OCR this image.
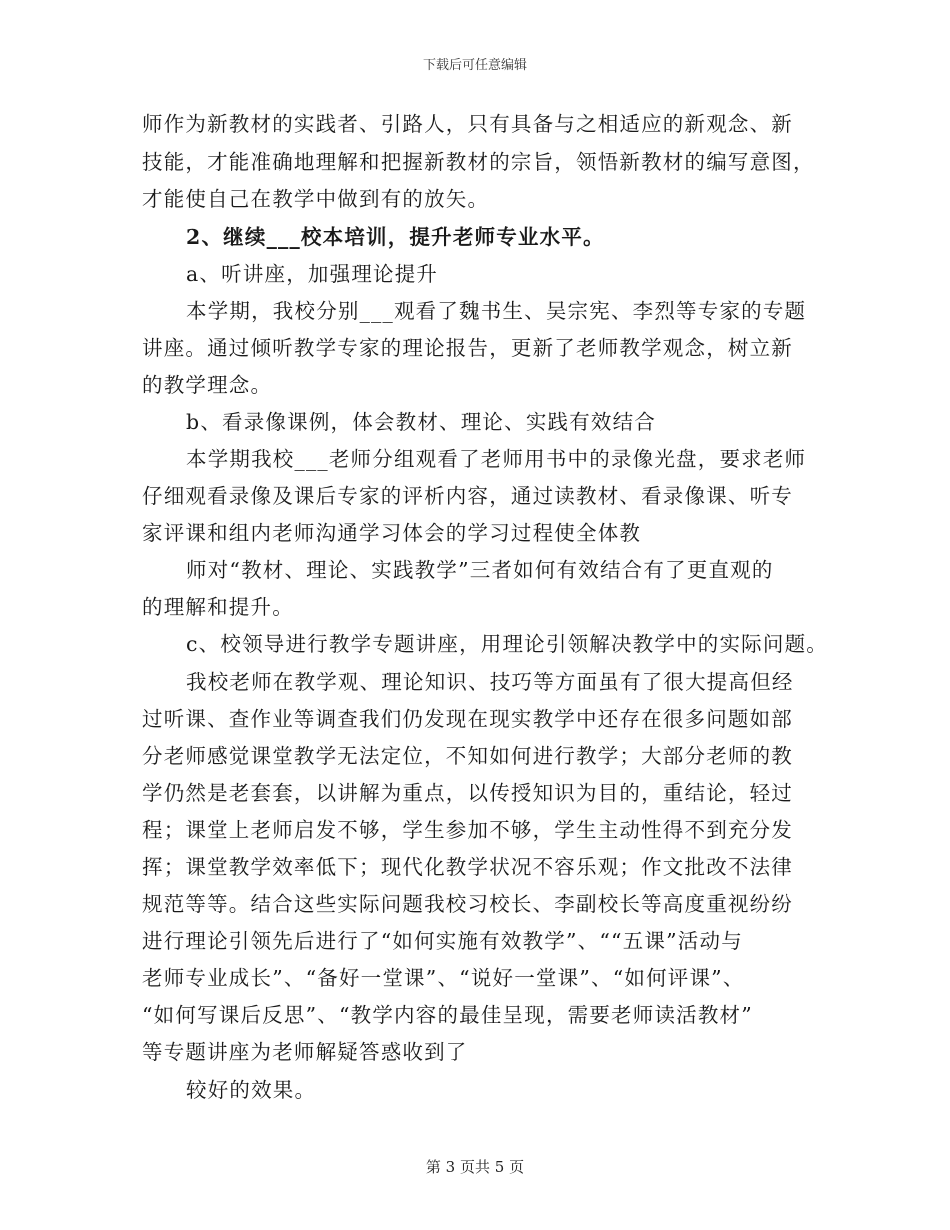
下载后可任意编辑
师作为新教材的实践者、引路人，只有具备与之相适应的新观念、新
技能，才能准确地理解和把握新教材的宗旨，领悟新教材的编写意图，
才能使自己在教学中做到有的放矢。
2、继续___校本培训，提升老师专业水平。
a、听讲座，加强理论提升
本学期，我校分别___观看了魏书生、吴宗宪、李烈等专家的专题
讲座。通过倾听教学专家的理论报告，更新了老师教学观念，树立新
的教学理念。
b、看录像课例，体会教材、理论、实践有效结合
本学期我校___老师分组观看了老师用书中的录像光盘，要求老师
仔细观看录像及课后专家的评析内容，通过读教材、看录像课、听专
家评课和组内老师沟通学习体会的学习过程使全体教
师对“教材、理论、实践教学”三者如何有效结合有了更直观的
的理解和提升。
c、校领导进行教学专题讲座，用理论引领解决教学中的实际问题。
我校老师在教学观、理论知识、技巧等方面虽有了很大提高但经
过听课、查作业等调查我们仍发现在现实教学中还存在很多问题如部
分老师感觉课堂教学无法定位，不知如何进行教学；大部分老师的教
学仍然是老套套，以讲解为重点，以传授知识为目的，重结论，轻过
程；课堂上老师启发不够，学生参加不够，学生主动性得不到充分发
挥；课堂教学效率低下；现代化教学状况不容乐观；作文批改不法律
规范等等。结合这些实际问题我校习校长、李副校长等高度重视纷纷
进行理论引领先后进行了“如何实施有效教学”、““五课”活动与
老师专业成长”、“备好一堂课”、“说好一堂课”、“如何评课”、
“如何写课后反思”、“教学内容的最佳呈现，需要老师读活教材”
等专题讲座为老师解疑答惑收到了
较好的效果。
第 3 页共 5 页
